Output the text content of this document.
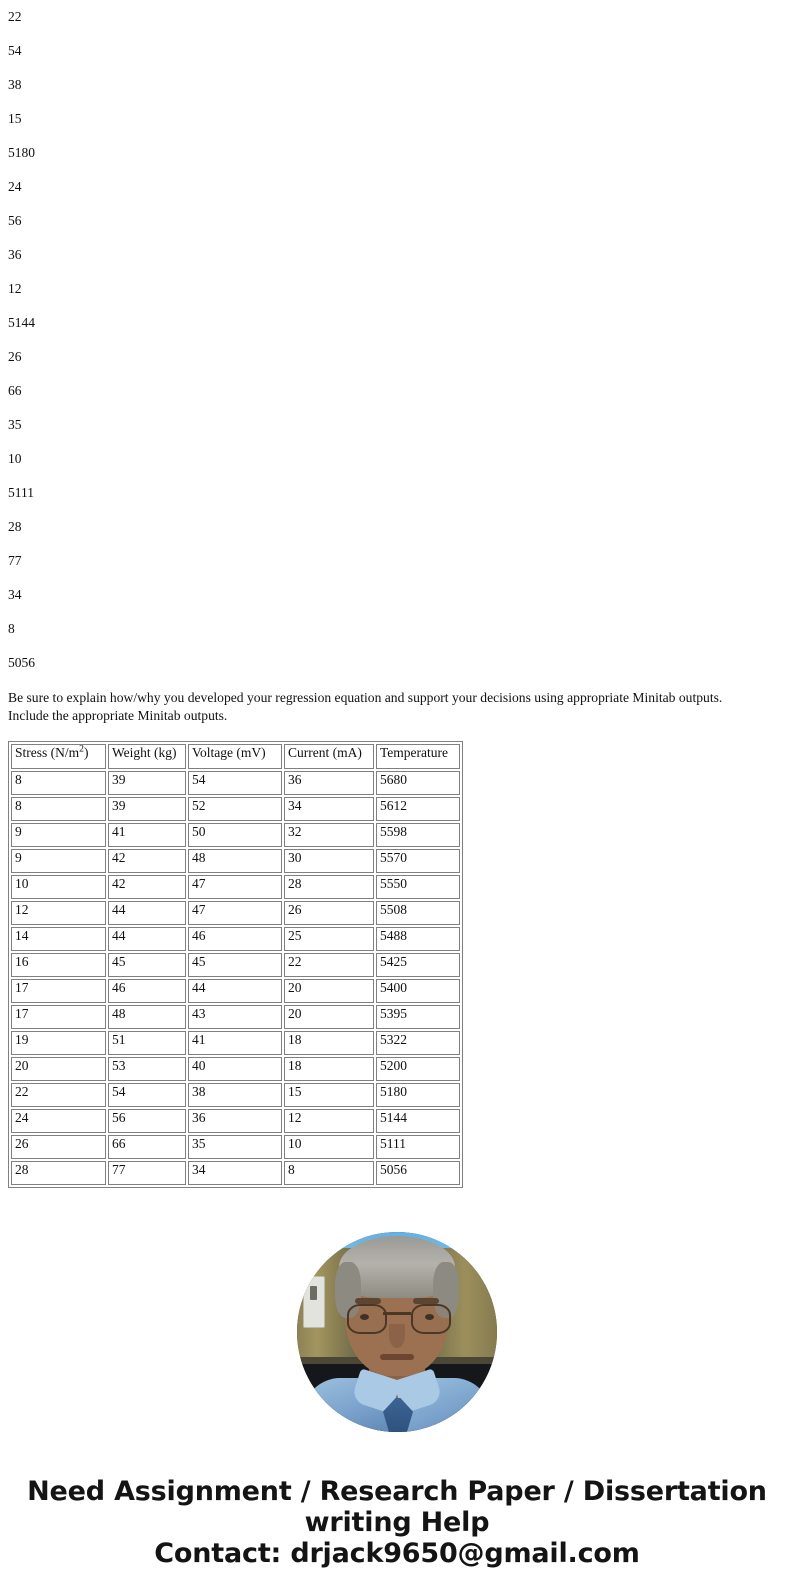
22
54
38
15
5180
24
56
36
12
5144
26
66
35
10
5111
28
77
34
8
5056

Be sure to explain how/why you developed your regression equation and support your decisions using appropriate Minitab outputs. Include the appropriate Minitab outputs.

Stress $(N/m^2)$	Weight (kg)	Voltage (mV)	Current (mA)	Temperature
8	39	54	36	5680
8	39	52	34	5612
9	41	50	32	5598
9	42	48	30	5570
10	42	47	28	5550
12	44	47	26	5508
14	44	46	25	5488
16	45	45	22	5425
17	46	44	20	5400
17	48	43	20	5395
19	51	41	18	5322
20	53	40	18	5200
22	54	38	15	5180
24	56	36	12	5144
26	66	35	10	5111
28	77	34	8	5056
Need Assignment / Research Paper / Dissertation
writing Help
Contact: drjack9650@gmail.com
